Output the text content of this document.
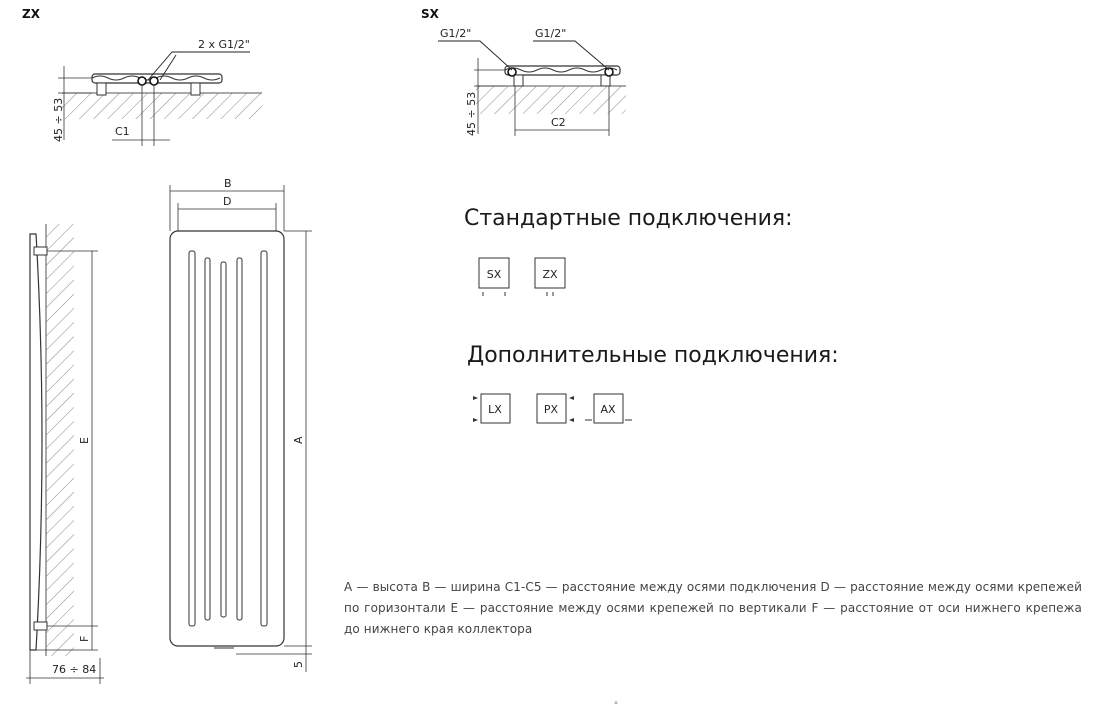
ZX
2 x G1/2"
45 ÷ 53	C1
SX
G1/2"	G1/2"
45 ÷ 53	C2
E
F
76 ÷ 84
B
D
A
5
SX	ZX
LX	PX	AX
Стандартные подключения:
Дополнительные подключения:
A — высота B — ширина C1-C5 — расстояние между осями подключения D — расстояние между осями крепежей по горизонтали E — расстояние между осями крепежей по вертикали F — расстояние от оси нижнего крепежа до нижнего края коллектора
